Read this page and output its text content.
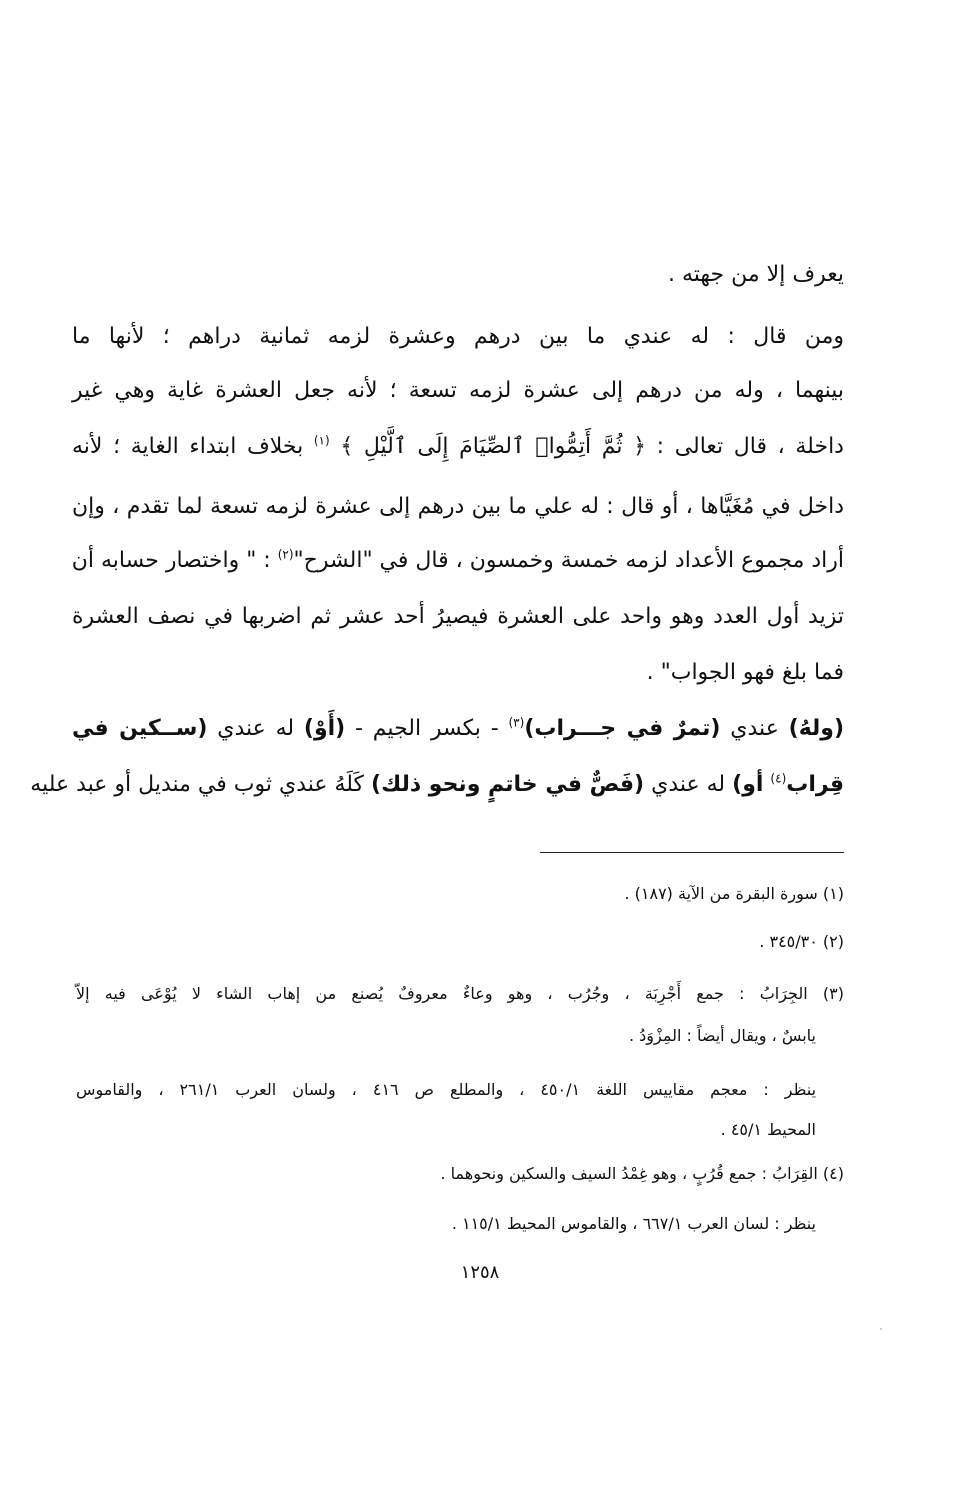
يعرف إلا من جهته .
ومن قال : له عندي ما بين درهم وعشرة لزمه ثمانية دراهم ؛ لأنها ما
بينهما ، وله من درهم إلى عشرة لزمه تسعة ؛ لأنه جعل العشرة غاية وهي غير
داخلة ، قال تعالى : ﴿ ثُمَّ أَتِمُّوا۟ ٱلصِّيَامَ إِلَى ٱلَّيْلِ ﴾ $^{(١)}$ بخلاف ابتداء الغاية ؛ لأنه
داخل في مُغَيَّاها ، أو قال : له علي ما بين درهم إلى عشرة لزمه تسعة لما تقدم ، وإن
أراد مجموع الأعداد لزمه خمسة وخمسون ، قال في "الشرح"$^{(٢)}$ : " واختصار حسابه أن
تزيد أول العدد وهو واحد على العشرة فيصيرُ أحد عشر ثم اضربها في نصف العشرة
فما بلغ فهو الجواب" .
(ولهُ) عندي (تمرٌ في جـــراب)$^{(٣)}$ - بكسر الجيم - (أَوْ) له عندي (ســكين في
قِراب$^{(٤)}$ أو) له عندي (فَصٌّ في خاتمٍ ونحو ذلك) كَلَهُ عندي ثوب في منديل أو عبد عليه
(١) سورة البقرة من الآية (١٨٧) .
(٢) ٣٤٥/٣٠ .
(٣) الجِرَابُ : جمع أَجْرِبَة ، وجُرُب ، وهو وعاءٌ معروفٌ يُصنع من إهاب الشاء لا يُوْعَى فيه إلاّ
يابسٌ ، ويقال أيضاً : المِزْوَدُ .
ينظر : معجم مقاييس اللغة ٤٥٠/١ ، والمطلع ص ٤١٦ ، ولسان العرب ٢٦١/١ ، والقاموس
المحيط ٤٥/١ .
(٤) القِرَابُ : جمع قُرُبٍ ، وهو غِمْدُ السيف والسكين ونحوهما .
ينظر : لسان العرب ٦٦٧/١ ، والقاموس المحيط ١١٥/١ .
١٢٥٨
